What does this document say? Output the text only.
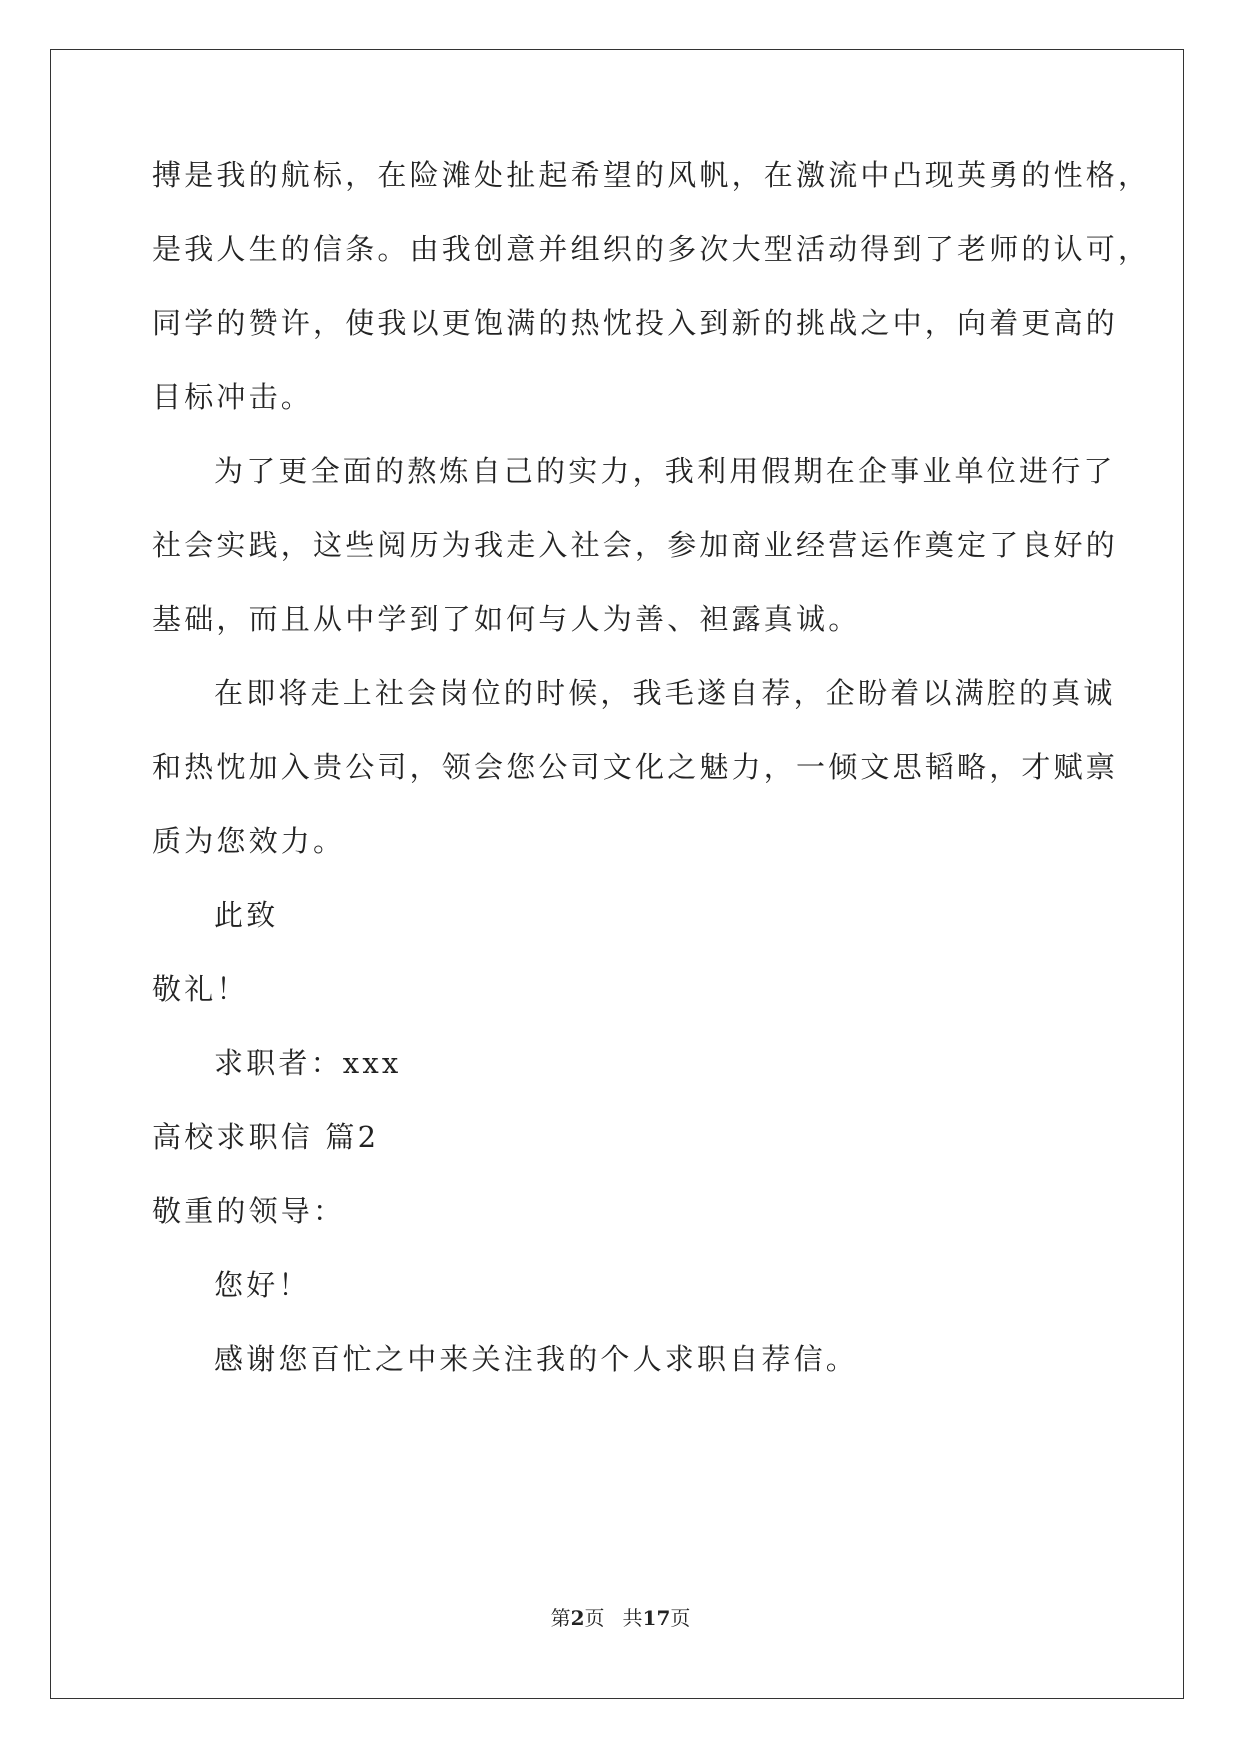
搏是我的航标，在险滩处扯起希望的风帆，在激流中凸现英勇的性格，
是我人生的信条。由我创意并组织的多次大型活动得到了老师的认可，
同学的赞许，使我以更饱满的热忱投入到新的挑战之中，向着更高的
目标冲击。
为了更全面的熬炼自己的实力，我利用假期在企事业单位进行了
社会实践，这些阅历为我走入社会，参加商业经营运作奠定了良好的
基础，而且从中学到了如何与人为善、袒露真诚。
在即将走上社会岗位的时候，我毛遂自荐，企盼着以满腔的真诚
和热忱加入贵公司，领会您公司文化之魅力，一倾文思韬略，才赋禀
质为您效力。
此致
敬礼！
求职者：xxx
高校求职信 篇2
敬重的领导：
您好！
感谢您百忙之中来关注我的个人求职自荐信。
第2页 共17页
